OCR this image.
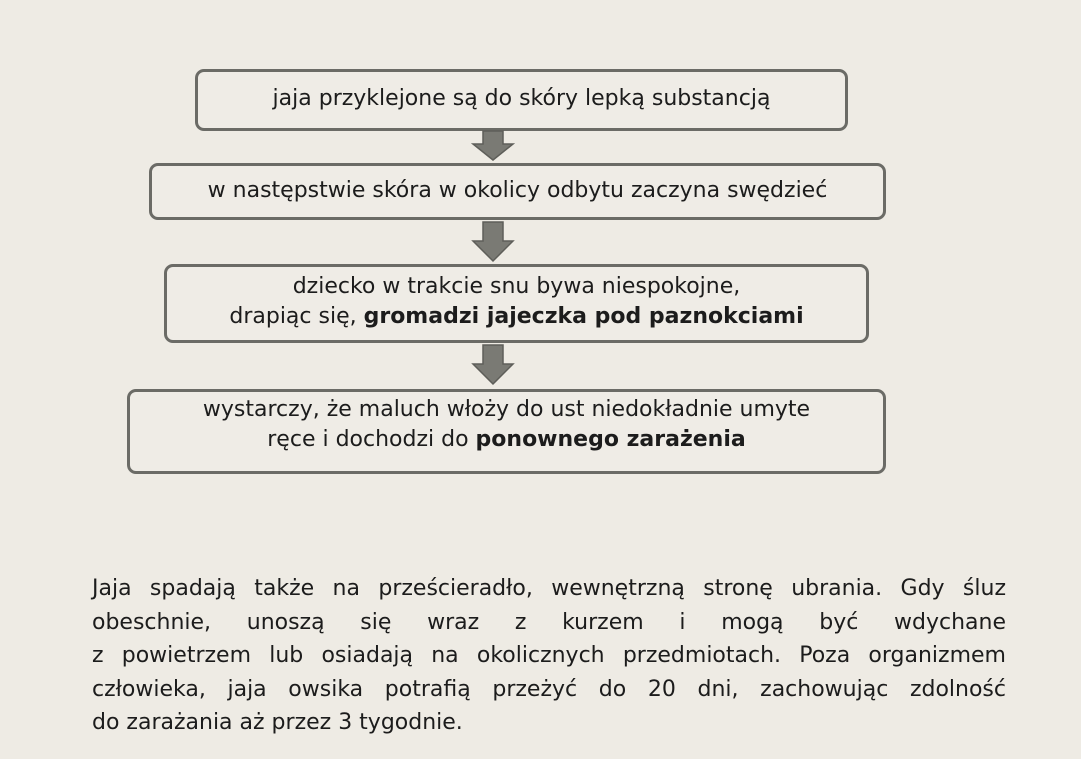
jaja przyklejone są do skóry lepką substancją
w następstwie skóra w okolicy odbytu zaczyna swędzieć
dziecko w trakcie snu bywa niespokojne,
drapiąc się, gromadzi jajeczka pod paznokciami
wystarczy, że maluch włoży do ust niedokładnie umyte
ręce i dochodzi do ponownego zarażenia
Jaja spadają także na prześcieradło, wewnętrzną stronę ubrania. Gdy śluz
obeschnie, unoszą się wraz z kurzem i mogą być wdychane
z powietrzem lub osiadają na okolicznych przedmiotach. Poza organizmem
człowieka, jaja owsika potrafią przeżyć do 20 dni, zachowując zdolność
do zarażania aż przez 3 tygodnie.
